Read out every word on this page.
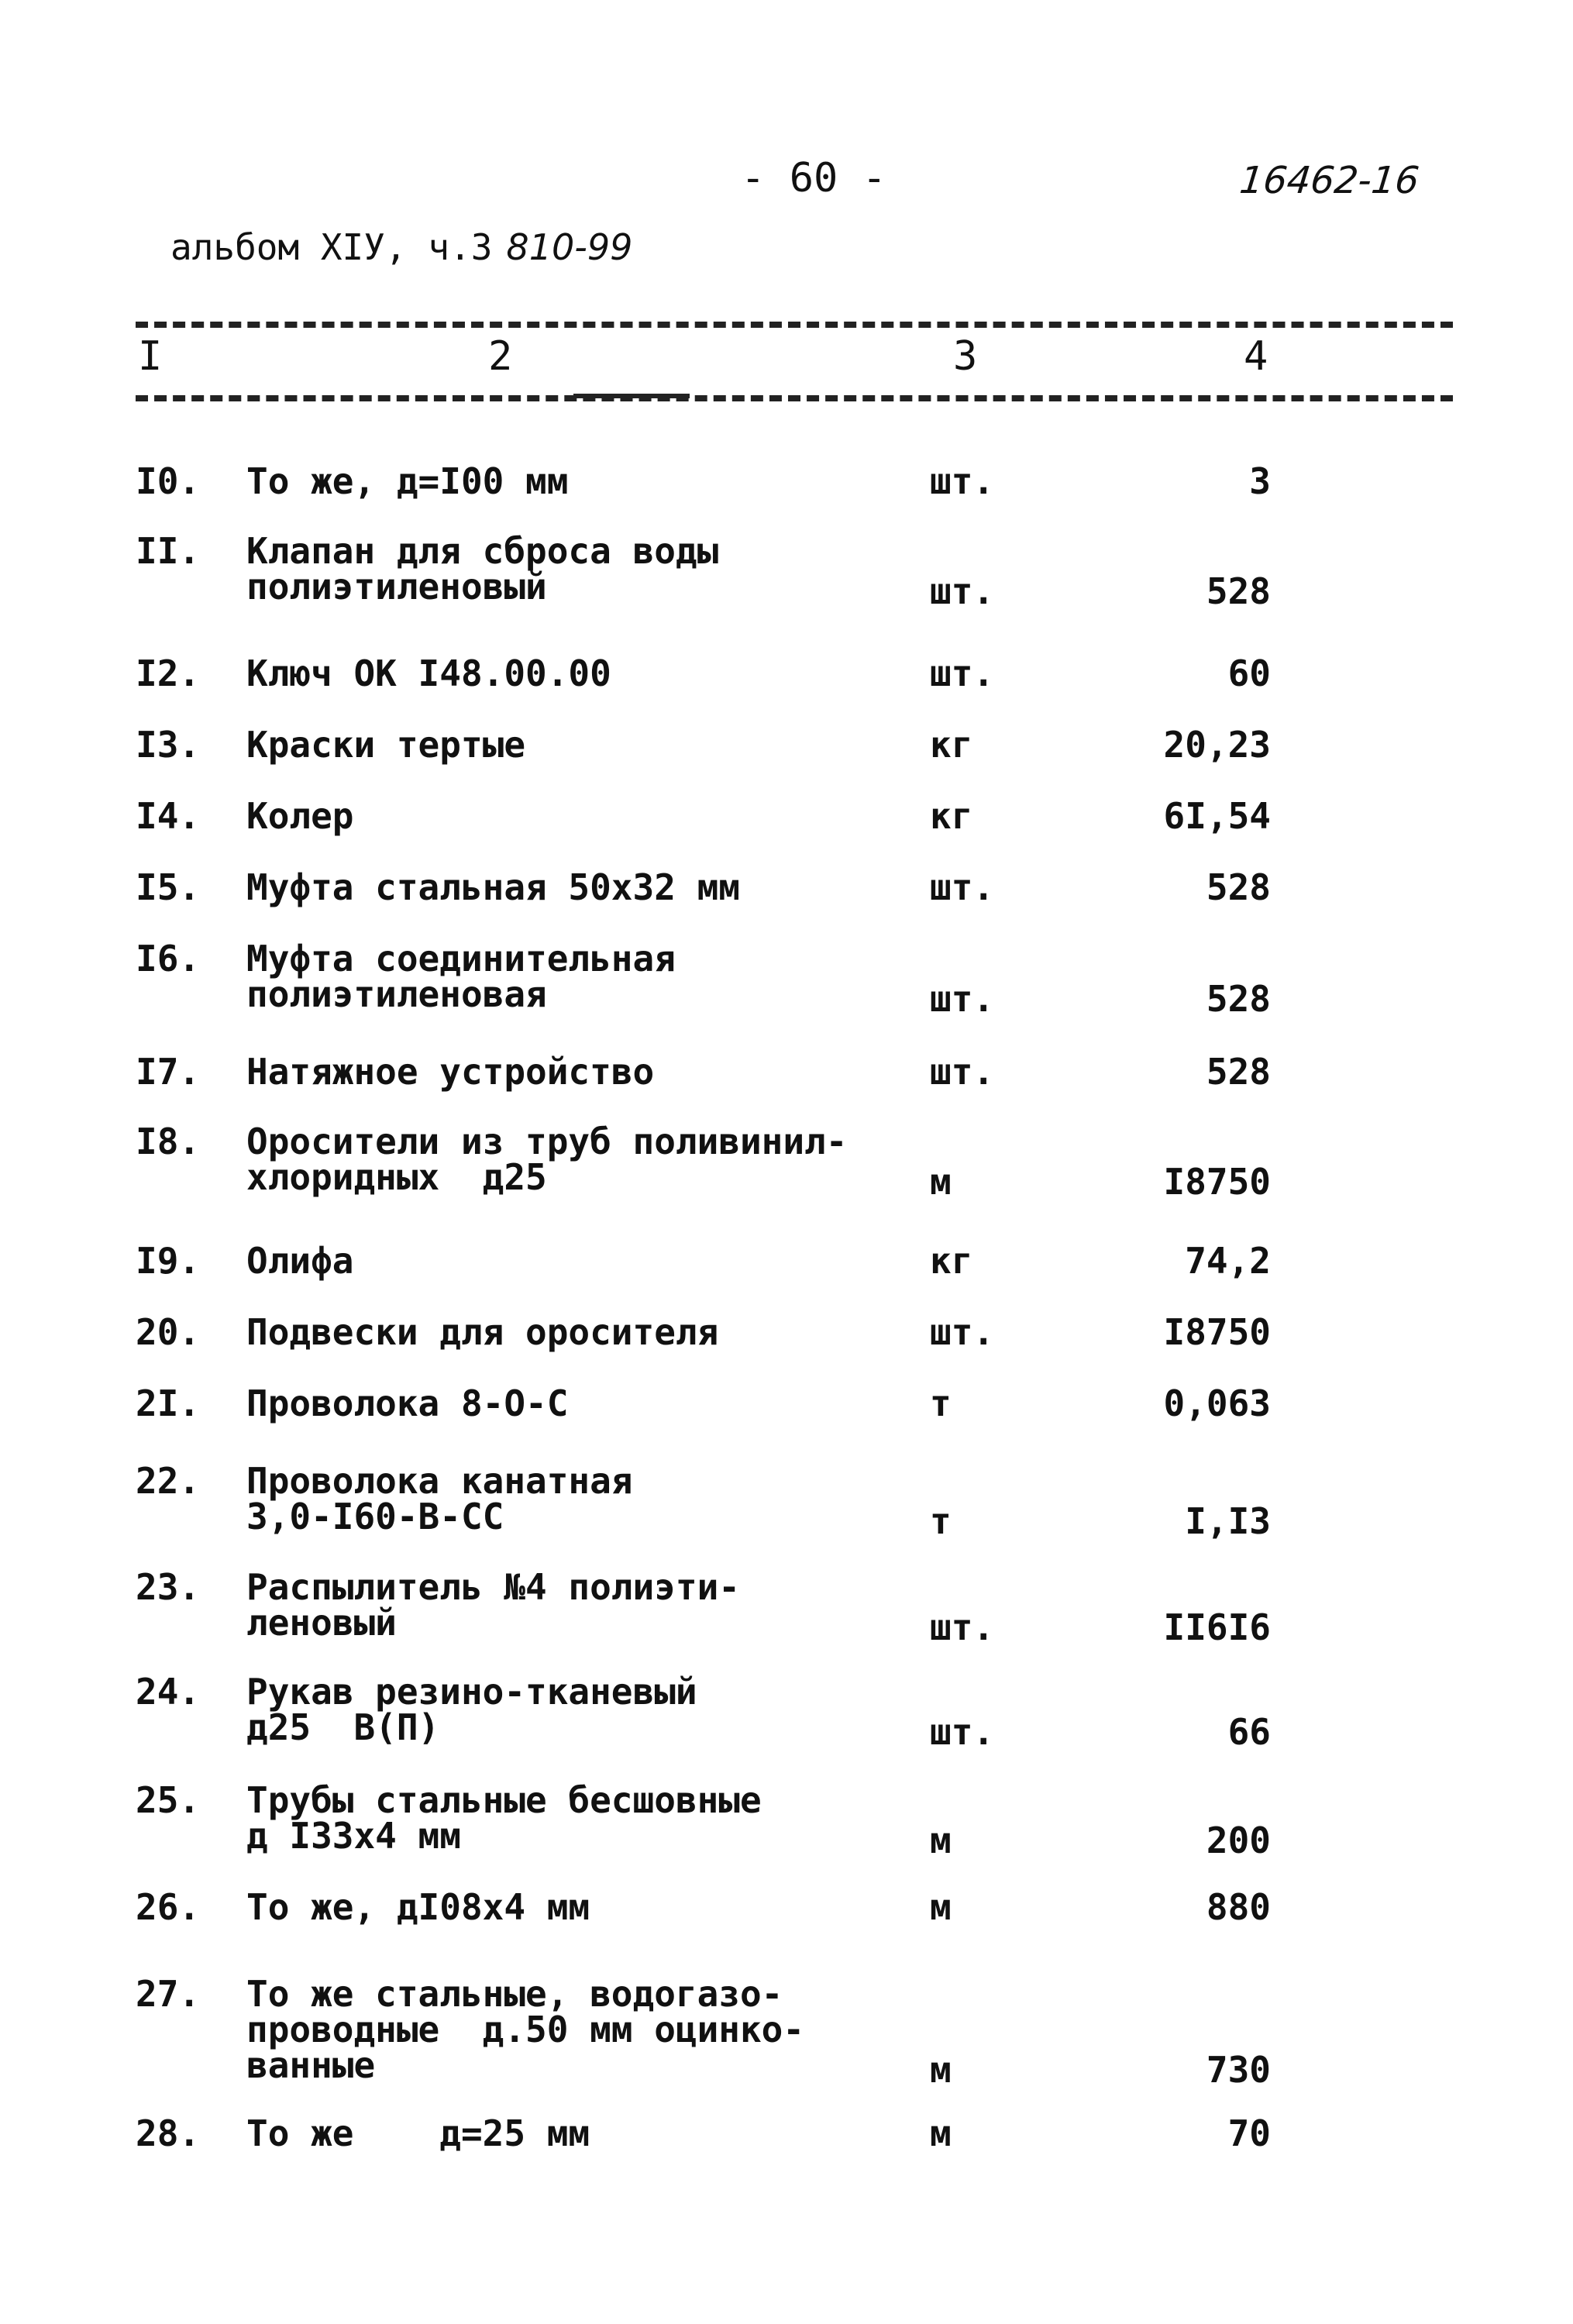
- 60 -	16462-16
альбом XIУ, ч.3 810-99
I	2	3	4
I0.	То же, д=I00 мм	шт.	3
II.	Клапан для сброса воды
полиэтиленовый	шт.	528
I2.	Ключ ОК I48.00.00	шт.	60
I3.	Краски тертые	кг	20,23
I4.	Колер	кг	6I,54
I5.	Муфта стальная 50х32 мм	шт.	528
I6.	Муфта соединительная
полиэтиленовая	шт.	528
I7.	Натяжное устройство	шт.	528
I8.	Оросители из труб поливинил-
хлоридных  д25	м	I8750
I9.	Олифа	кг	74,2
20.	Подвески для оросителя	шт.	I8750
2I.	Проволока 8-О-С	т	0,063
22.	Проволока канатная
3,0-I60-В-СС	т	I,I3
23.	Распылитель №4 полиэти-
леновый	шт.	II6I6
24.	Рукав резино-тканевый
д25  В(П)	шт.	66
25.	Трубы стальные бесшовные
д I33х4 мм	м	200
26.	То же, дI08х4 мм	м	880
27.	То же стальные, водогазо-
проводные  д.50 мм оцинко-
ванные	м	730
28.	То же    д=25 мм	м	70
